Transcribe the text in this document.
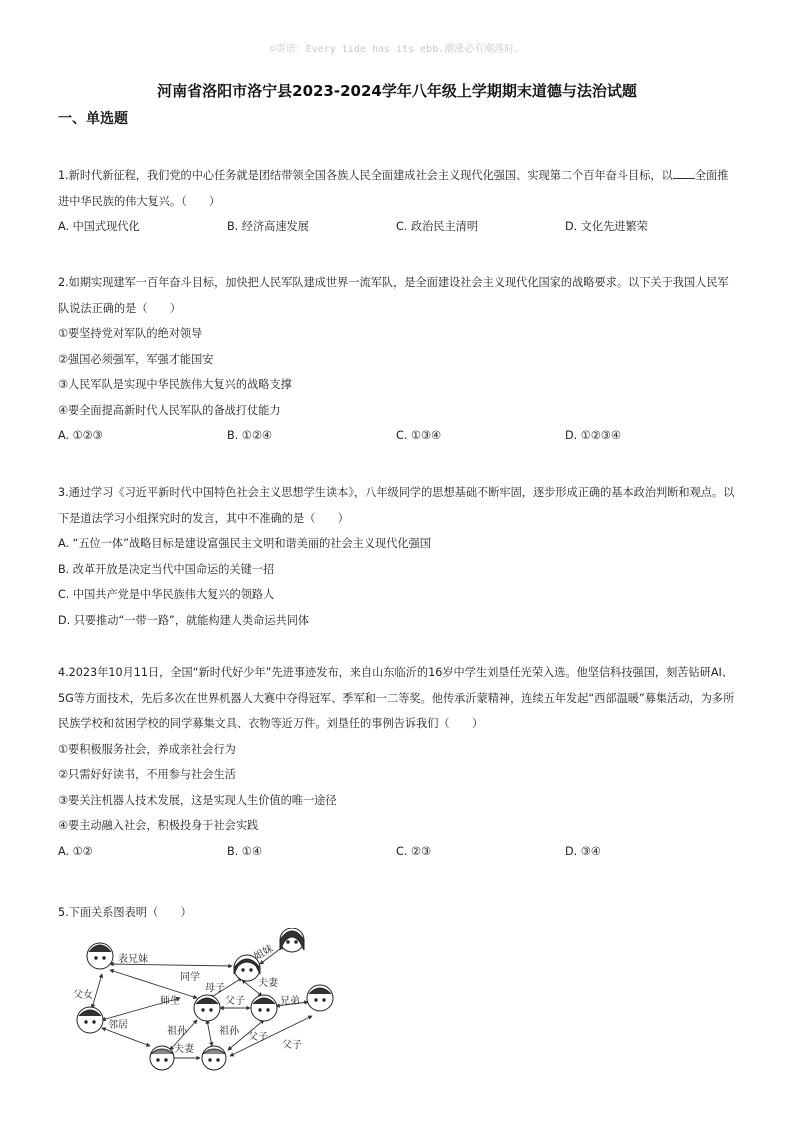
☺寄语：Every tide has its ebb.潮涨必有潮落时。
河南省洛阳市洛宁县2023-2024学年八年级上学期期末道德与法治试题
一、单选题
1.新时代新征程，我们党的中心任务就是团结带领全国各族人民全面建成社会主义现代化强国、实现第二个百年奋斗目标，以 全面推进中华民族的伟大复兴。（　　）
A. 中国式现代化	B. 经济高速发展	C. 政治民主清明	D. 文化先进繁荣
2.如期实现建军一百年奋斗目标，加快把人民军队建成世界一流军队，是全面建设社会主义现代化国家的战略要求。以下关于我国人民军队说法正确的是（　　）
①要坚持党对军队的绝对领导
②强国必须强军，军强才能国安
③人民军队是实现中华民族伟大复兴的战略支撑
④要全面提高新时代人民军队的备战打仗能力
A. ①②③	B. ①②④	C. ①③④	D. ①②③④
3.通过学习《习近平新时代中国特色社会主义思想学生读本》，八年级同学的思想基础不断牢固，逐步形成正确的基本政治判断和观点。以下是道法学习小组探究时的发言，其中不准确的是（　　）
A. “五位一体”战略目标是建设富强民主文明和谐美丽的社会主义现代化强国
B. 改革开放是决定当代中国命运的关键一招
C. 中国共产党是中华民族伟大复兴的领路人
D. 只要推动“一带一路”，就能构建人类命运共同体
4.2023年10月11日，全国“新时代好少年”先进事迹发布，来自山东临沂的16岁中学生刘垦任光荣入选。他坚信科技强国，刻苦钻研AI、5G等方面技术，先后多次在世界机器人大赛中夺得冠军、季军和一二等奖。他传承沂蒙精神，连续五年发起“西部温暖”募集活动，为多所民族学校和贫困学校的同学募集文具、衣物等近万件。刘垦任的事例告诉我们（　　）
①要积极服务社会，养成亲社会行为
②只需好好读书，不用参与社会生活
③要关注机器人技术发展，这是实现人生价值的唯一途径
④要主动融入社会，积极投身于社会实践
A. ①②	B. ①④	C. ②③	D. ③④
5.下面关系图表明（　　）
表兄妹	姐妹
同学
母子
父女
师生	父子
夫妻
兄弟
邻居
祖孙	祖孙
父子
父子
夫妻
